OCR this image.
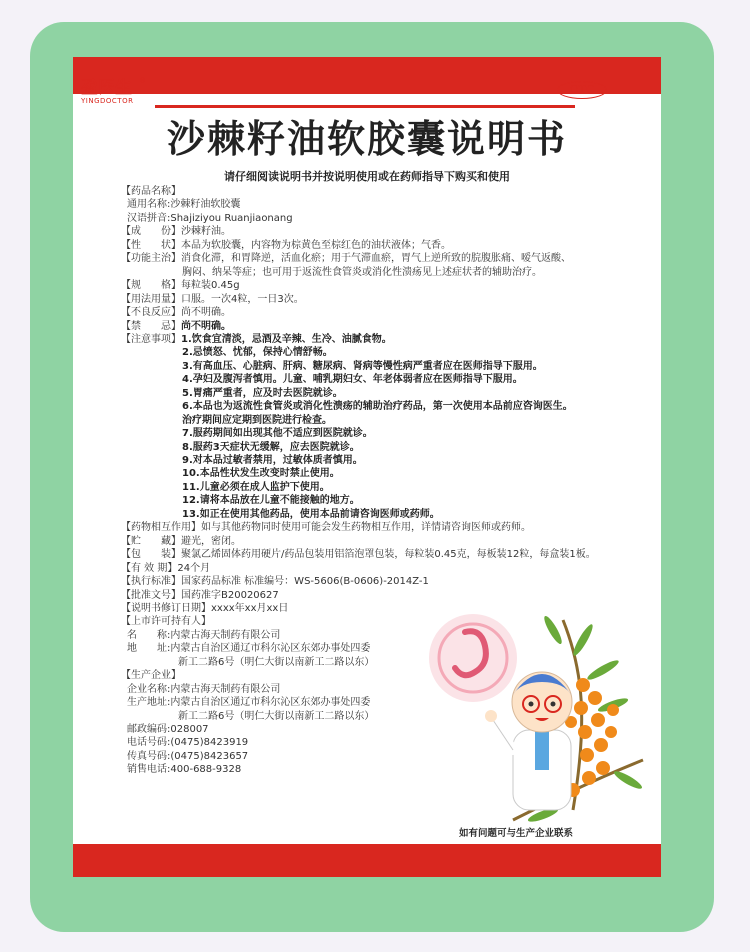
盈医生
YINGDOCTOR
®
OTC
沙棘籽油软胶囊说明书
请仔细阅读说明书并按说明使用或在药师指导下购买和使用
【药品名称】
通用名称:沙棘籽油软胶囊
汉语拼音:Shajiziyou Ruanjiaonang
【成　　份】沙棘籽油。
【性　　状】本品为软胶囊，内容物为棕黄色至棕红色的油状液体；气香。
【功能主治】消食化滞，和胃降逆，活血化瘀；用于气滞血瘀，胃气上逆所致的脘腹胀痛、嗳气返酸、
胸闷、纳呆等症；也可用于返流性食管炎或消化性溃疡见上述症状者的辅助治疗。
【规　　格】每粒装0.45g
【用法用量】口服。一次4粒，一日3次。
【不良反应】尚不明确。
【禁　　忌】尚不明确。
【注意事项】1.饮食宜清淡，忌酒及辛辣、生冷、油腻食物。
2.忌愤怒、忧郁，保持心情舒畅。
3.有高血压、心脏病、肝病、糖尿病、肾病等慢性病严重者应在医师指导下服用。
4.孕妇及腹泻者慎用。儿童、哺乳期妇女、年老体弱者应在医师指导下服用。
5.胃痛严重者，应及时去医院就诊。
6.本品也为返流性食管炎或消化性溃疡的辅助治疗药品，第一次使用本品前应咨询医生。
治疗期间应定期到医院进行检查。
7.服药期间如出现其他不适应到医院就诊。
8.服药3天症状无缓解，应去医院就诊。
9.对本品过敏者禁用，过敏体质者慎用。
10.本品性状发生改变时禁止使用。
11.儿童必须在成人监护下使用。
12.请将本品放在儿童不能接触的地方。
13.如正在使用其他药品，使用本品前请咨询医师或药师。
【药物相互作用】如与其他药物同时使用可能会发生药物相互作用，详情请咨询医师或药师。
【贮　　藏】避光，密闭。
【包　　装】聚氯乙烯固体药用硬片/药品包装用铝箔泡罩包装，每粒装0.45克，每板装12粒，每盒装1板。
【有 效 期】24个月
【执行标准】国家药品标准 标准编号：WS-5606(B-0606)-2014Z-1
【批准文号】国药准字B20020627
【说明书修订日期】xxxx年xx月xx日
【上市许可持有人】
名　　称:内蒙古海天制药有限公司
地　　址:内蒙古自治区通辽市科尔沁区东郊办事处四委
新工二路6号（明仁大街以南新工二路以东）
【生产企业】
企业名称:内蒙古海天制药有限公司
生产地址:内蒙古自治区通辽市科尔沁区东郊办事处四委
新工二路6号（明仁大街以南新工二路以东）
邮政编码:028007
电话号码:(0475)8423919
传真号码:(0475)8423657
销售电话:400-688-9328
如有问题可与生产企业联系
